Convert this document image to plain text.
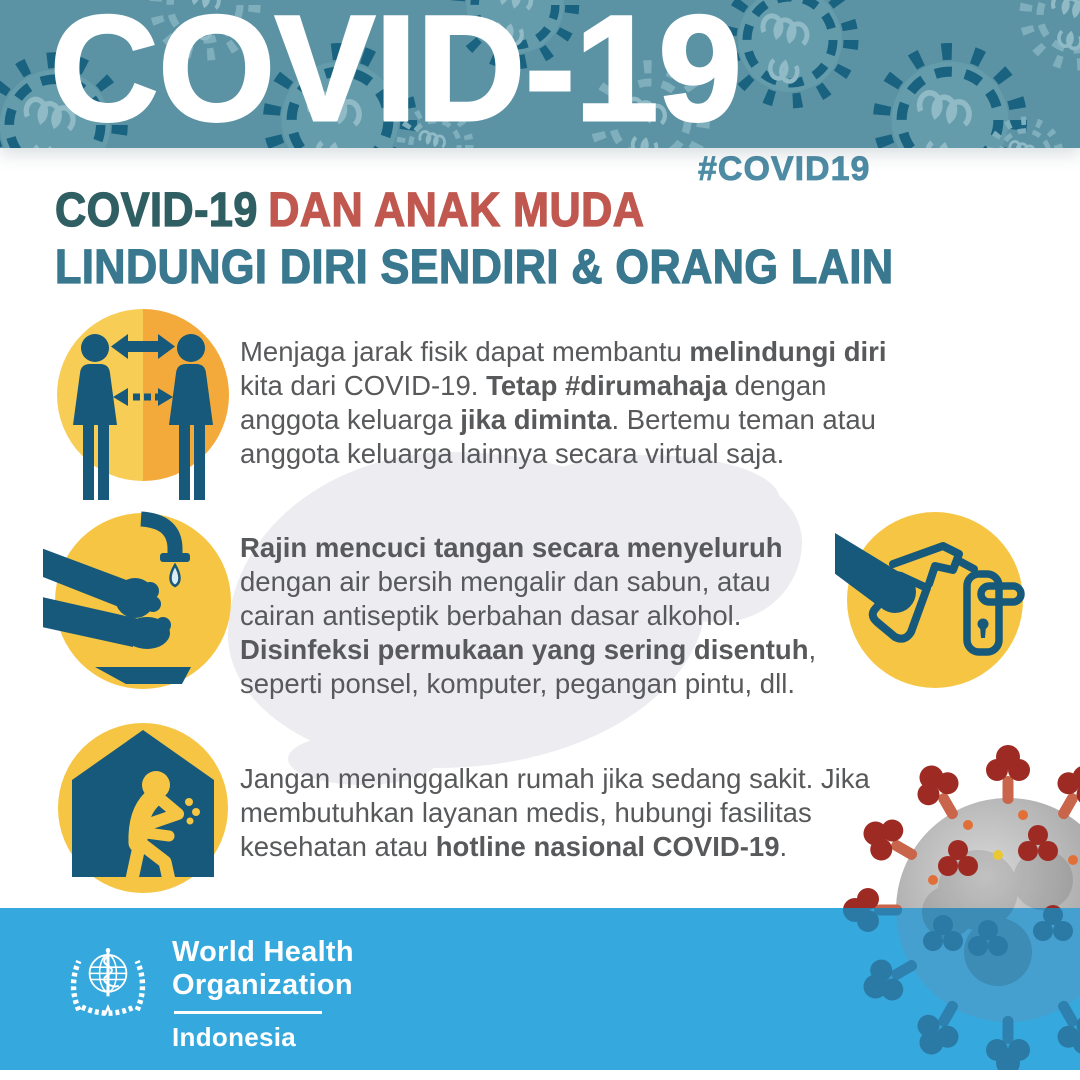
COVID-19
#COVID19
COVID-19 DAN ANAK MUDA
LINDUNGI DIRI SENDIRI & ORANG LAIN
Menjaga jarak fisik dapat membantu melindungi diri
kita dari COVID-19. Tetap #dirumahaja dengan
anggota keluarga jika diminta. Bertemu teman atau
anggota keluarga lainnya secara virtual saja.
Rajin mencuci tangan secara menyeluruh
dengan air bersih mengalir dan sabun, atau
cairan antiseptik berbahan dasar alkohol.
Disinfeksi permukaan yang sering disentuh,
seperti ponsel, komputer, pegangan pintu, dll.
Jangan meninggalkan rumah jika sedang sakit. Jika
membutuhkan layanan medis, hubungi fasilitas
kesehatan atau hotline nasional COVID-19.
World Health
Organization
Indonesia
